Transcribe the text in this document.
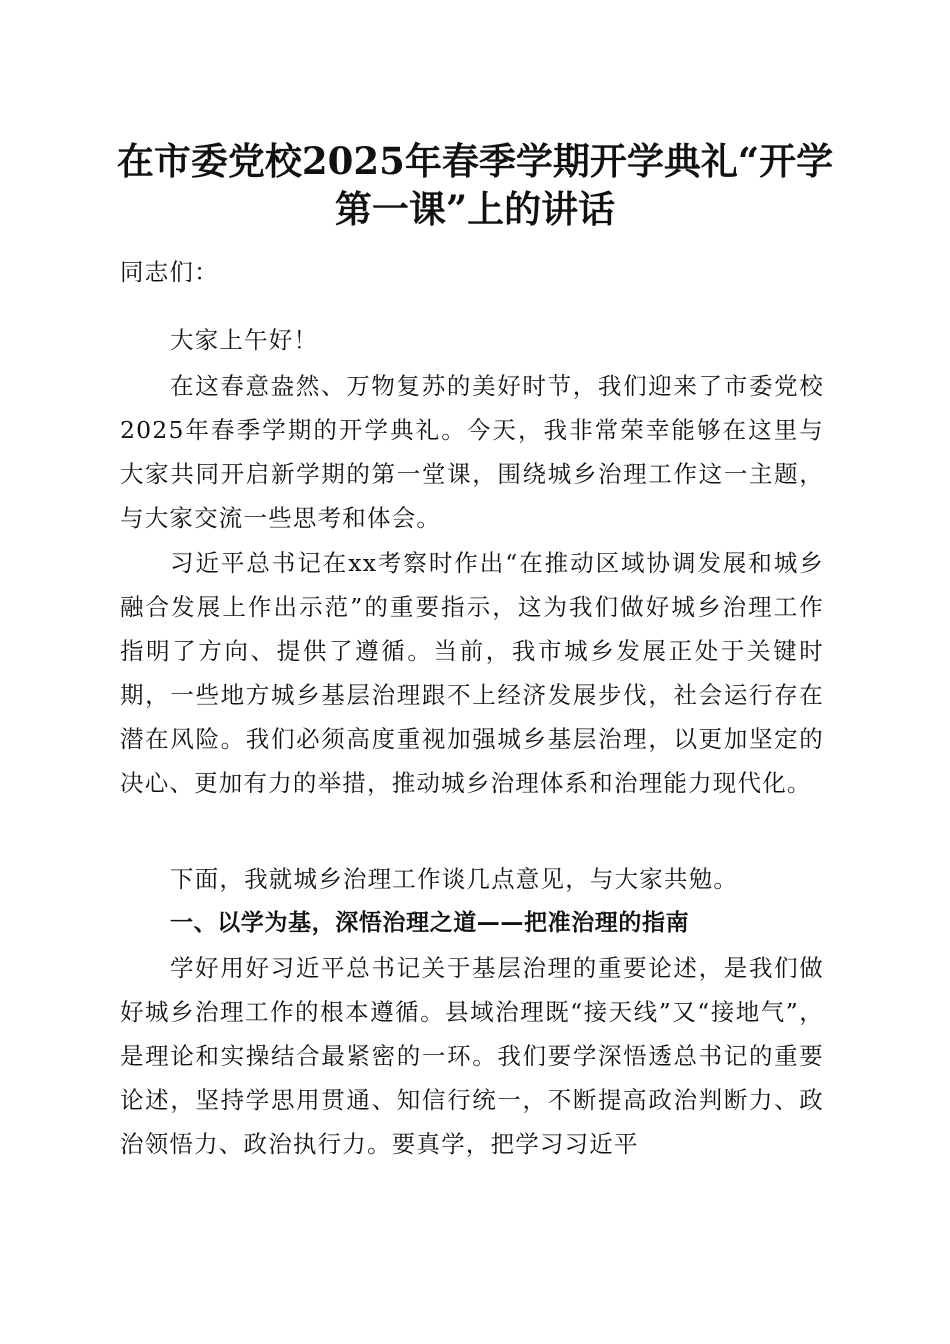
在市委党校2025年春季学期开学典礼“开学
第一课”上的讲话
同志们：

大家上午好！

在这春意盎然、万物复苏的美好时节，我们迎来了市委党校2025年春季学期的开学典礼。今天，我非常荣幸能够在这里与大家共同开启新学期的第一堂课，围绕城乡治理工作这一主题，与大家交流一些思考和体会。

习近平总书记在xx考察时作出“在推动区域协调发展和城乡融合发展上作出示范”的重要指示，这为我们做好城乡治理工作指明了方向、提供了遵循。当前，我市城乡发展正处于关键时期，一些地方城乡基层治理跟不上经济发展步伐，社会运行存在潜在风险。我们必须高度重视加强城乡基层治理，以更加坚定的决心、更加有力的举措，推动城乡治理体系和治理能力现代化。

下面，我就城乡治理工作谈几点意见，与大家共勉。

一、以学为基，深悟治理之道——把准治理的指南

学好用好习近平总书记关于基层治理的重要论述，是我们做好城乡治理工作的根本遵循。县域治理既“接天线”又“接地气”，是理论和实操结合最紧密的一环。我们要学深悟透总书记的重要论述，坚持学思用贯通、知信行统一，不断提高政治判断力、政治领悟力、政治执行力。要真学，把学习习近平
